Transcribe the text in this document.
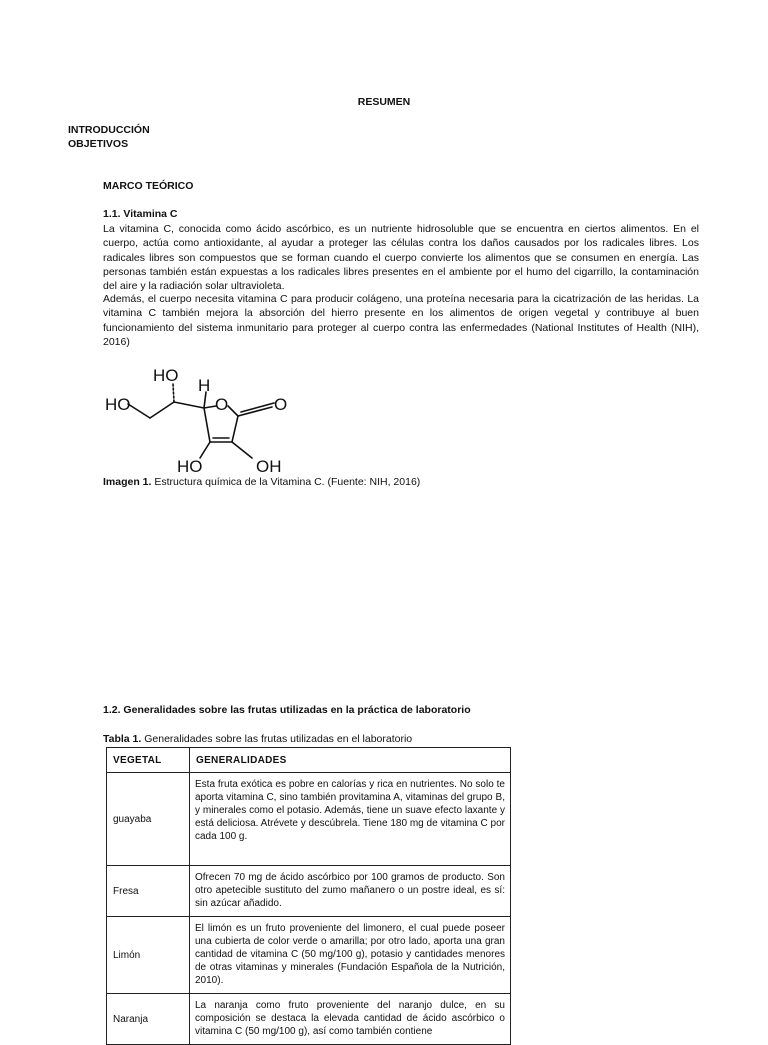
RESUMEN
INTRODUCCIÓN
OBJETIVOS
MARCO TEÓRICO
1.1. Vitamina C
La vitamina C, conocida como ácido ascórbico, es un nutriente hidrosoluble que se encuentra en ciertos alimentos. En el cuerpo, actúa como antioxidante, al ayudar a proteger las células contra los daños causados por los radicales libres. Los radicales libres son compuestos que se forman cuando el cuerpo convierte los alimentos que se consumen en energía. Las personas también están expuestas a los radicales libres presentes en el ambiente por el humo del cigarrillo, la contaminación del aire y la radiación solar ultravioleta.
Además, el cuerpo necesita vitamina C para producir colágeno, una proteína necesaria para la cicatrización de las heridas. La vitamina C también mejora la absorción del hierro presente en los alimentos de origen vegetal y contribuye al buen funcionamiento del sistema inmunitario para proteger al cuerpo contra las enfermedades (National Institutes of Health (NIH), 2016)
HO
H
HO	O	O
HO	OH
Imagen 1. Estructura química de la Vitamina C. (Fuente: NIH, 2016)
1.2. Generalidades sobre las frutas utilizadas en la práctica de laboratorio
Tabla 1. Generalidades sobre las frutas utilizadas en el laboratorio
VEGETAL	GENERALIDADES
guayaba	Esta fruta exótica es pobre en calorías y rica en nutrientes. No solo te aporta vitamina C, sino también provitamina A, vitaminas del grupo B, y minerales como el potasio. Además, tiene un suave efecto laxante y está deliciosa. Atrévete y descúbrela. Tiene 180 mg de vitamina C por cada 100 g.
Fresa	Ofrecen 70 mg de ácido ascórbico por 100 gramos de producto. Son otro apetecible sustituto del zumo mañanero o un postre ideal, es sí: sin azúcar añadido.
Limón	El limón es un fruto proveniente del limonero, el cual puede poseer una cubierta de color verde o amarilla; por otro lado, aporta una gran cantidad de vitamina C (50 mg/100 g), potasio y cantidades menores de otras vitaminas y minerales (Fundación Española de la Nutrición, 2010).
Naranja	La naranja como fruto proveniente del naranjo dulce, en su composición se destaca la elevada cantidad de ácido ascórbico o vitamina C (50 mg/100 g), así como también contiene
